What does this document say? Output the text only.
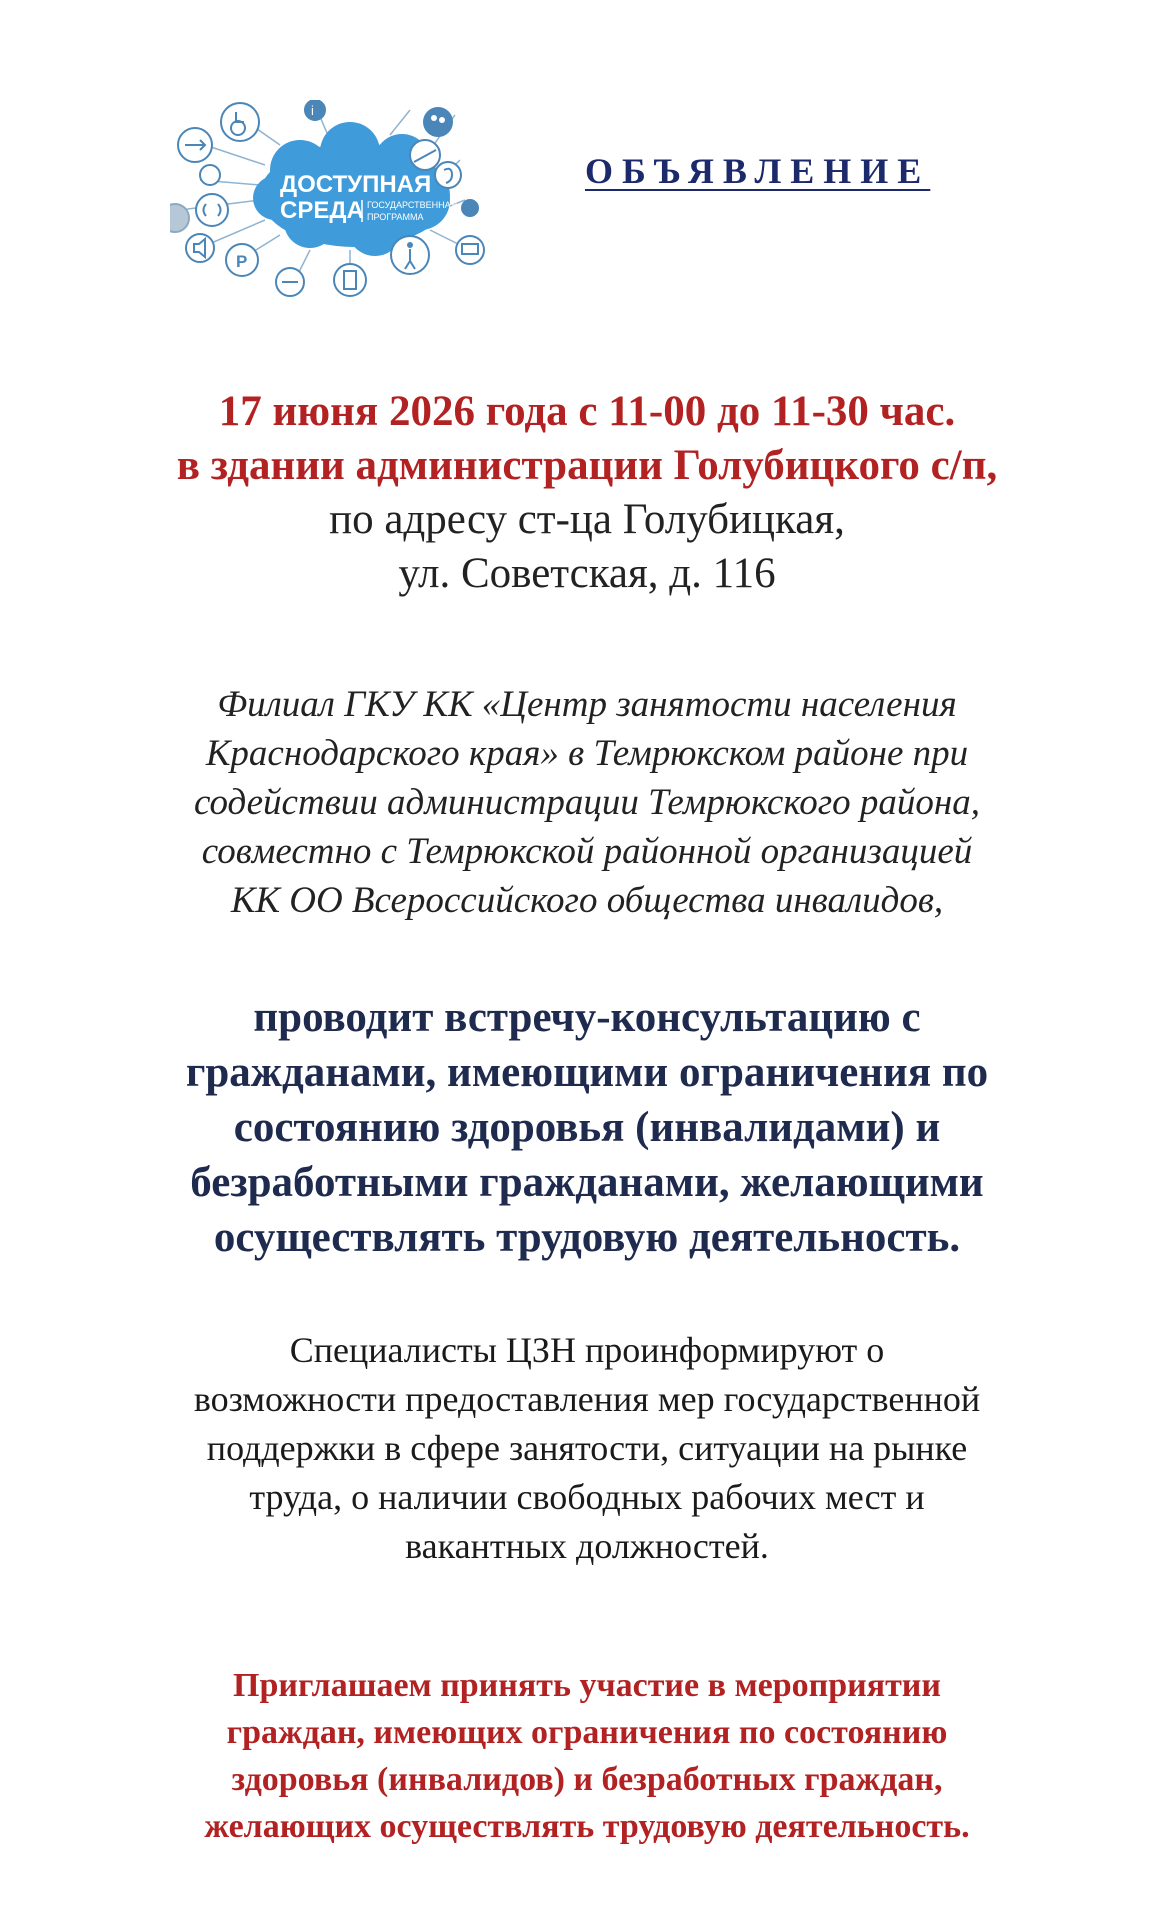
ДОСТУПНАЯ
СРЕДА ГОСУДАРСТВЕННАЯ
ПРОГРАММА
i
P
ОБЪЯВЛЕНИЕ

17 июня 2026 года с 11-00 до 11-30 час.

в здании администрации Голубицкого с/п,

по адресу ст-ца Голубицкая,

ул. Советская, д. 116

Филиал ГКУ КК «Центр занятости населения

Краснодарского края» в Темрюкском районе при

содействии администрации Темрюкского района,

совместно с Темрюкской районной организацией

КК ОО Всероссийского общества инвалидов,

проводит встречу-консультацию с

гражданами, имеющими ограничения по

состоянию здоровья (инвалидами) и

безработными гражданами, желающими

осуществлять трудовую деятельность.

Специалисты ЦЗН проинформируют о

возможности предоставления мер государственной

поддержки в сфере занятости, ситуации на рынке

труда, о наличии свободных рабочих мест и

вакантных должностей.

Приглашаем принять участие в мероприятии

граждан, имеющих ограничения по состоянию

здоровья (инвалидов) и безработных граждан,

желающих осуществлять трудовую деятельность.
